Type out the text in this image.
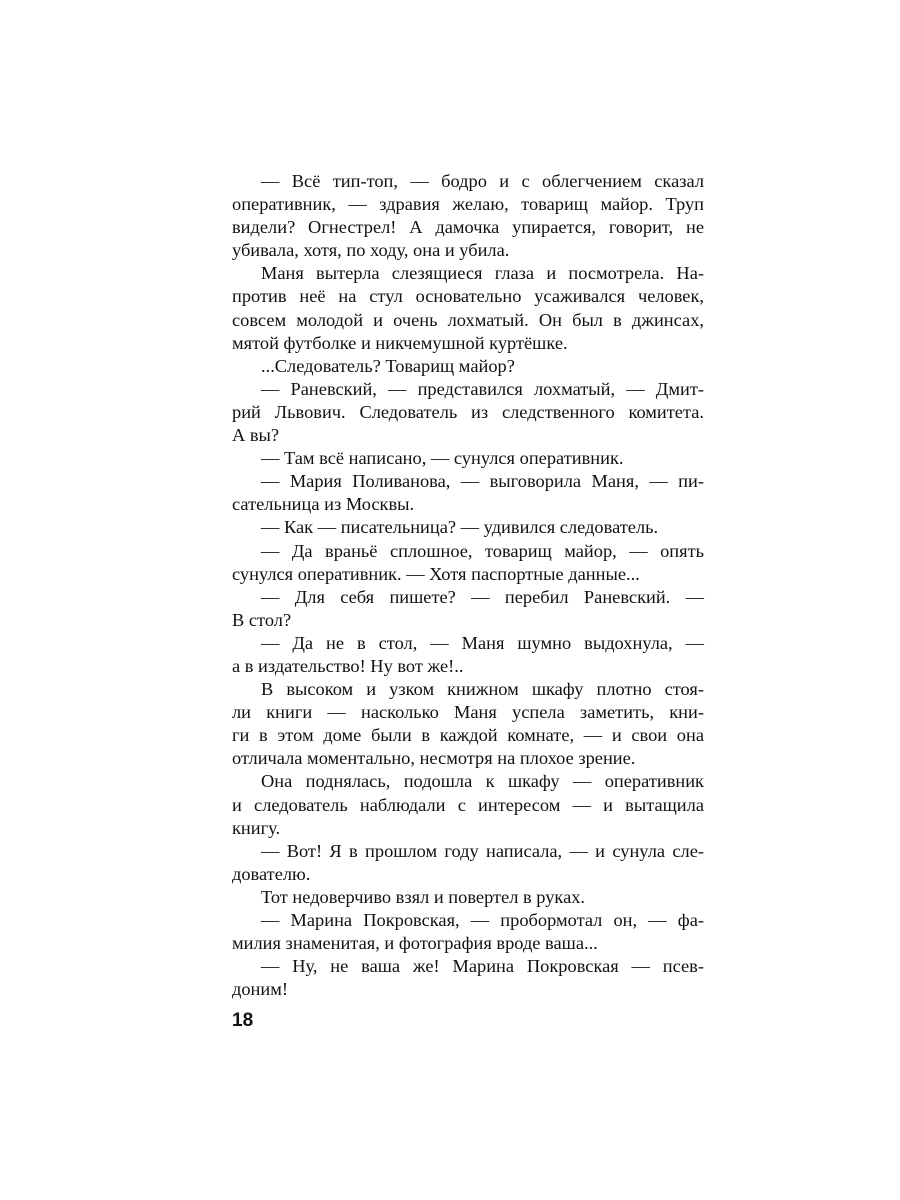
— Всё тип-топ, — бодро и с облегчением сказал
оперативник, — здравия желаю, товарищ майор. Труп
видели? Огнестрел! А дамочка упирается, говорит, не
убивала, хотя, по ходу, она и убила.
Маня вытерла слезящиеся глаза и посмотрела. На-
против неё на стул основательно усаживался человек,
совсем молодой и очень лохматый. Он был в джинсах,
мятой футболке и никчемушной куртёшке.
...Следователь? Товарищ майор?
— Раневский, — представился лохматый, — Дмит-
рий Львович. Следователь из следственного комитета.
А вы?
— Там всё написано, — сунулся оперативник.
— Мария Поливанова, — выговорила Маня, — пи-
сательница из Москвы.
— Как — писательница? — удивился следователь.
— Да враньё сплошное, товарищ майор, — опять
сунулся оперативник. — Хотя паспортные данные...
— Для себя пишете? — перебил Раневский. —
В стол?
— Да не в стол, — Маня шумно выдохнула, —
а в издательство! Ну вот же!..
В высоком и узком книжном шкафу плотно стоя-
ли книги — насколько Маня успела заметить, кни-
ги в этом доме были в каждой комнате, — и свои она
отличала моментально, несмотря на плохое зрение.
Она поднялась, подошла к шкафу — оперативник
и следователь наблюдали с интересом — и вытащила
книгу.
— Вот! Я в прошлом году написала, — и сунула сле-
дователю.
Тот недоверчиво взял и повертел в руках.
— Марина Покровская, — пробормотал он, — фа-
милия знаменитая, и фотография вроде ваша...
— Ну, не ваша же! Марина Покровская — псев-
доним!
18
